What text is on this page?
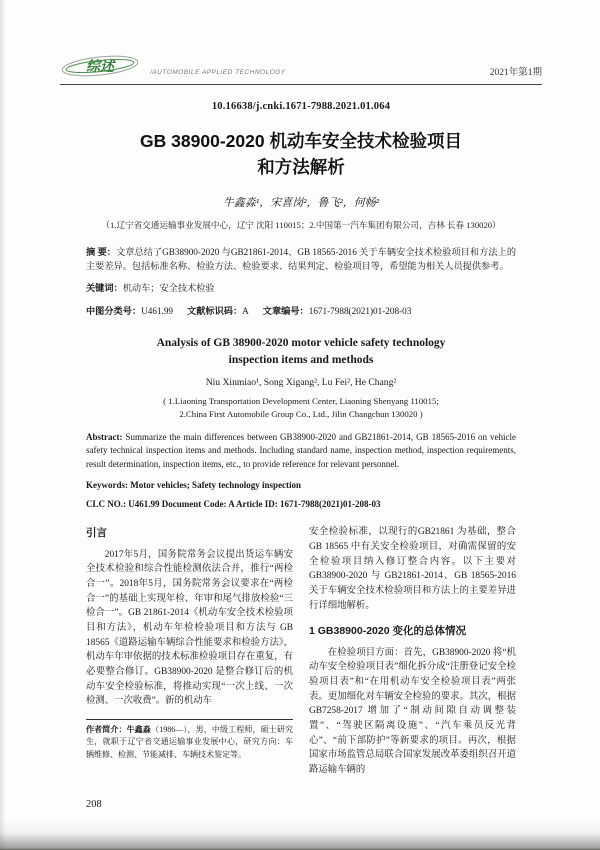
综述	/AUTOMOBILE APPLIED TECHNOLOGY	2021年第1期
10.16638/j.cnki.1671-7988.2021.01.064
GB 38900-2020 机动车安全技术检验项目
和方法解析
牛鑫淼¹，宋喜岗²，鲁飞²，何畅²
（1.辽宁省交通运输事业发展中心，辽宁 沈阳 110015；2.中国第一汽车集团有限公司，吉林 长春 130020）

摘 要：文章总结了GB38900-2020 与GB21861-2014、GB 18565-2016 关于车辆安全技术检验项目和方法上的主要差异。包括标准名称、检验方法、检验要求、结果判定、检验项目等，希望能为相关人员提供参考。

关键词：机动车；安全技术检验

中图分类号：U461.99 文献标识码：A 文章编号：1671-7988(2021)01-208-03

Analysis of GB 38900-2020 motor vehicle safety technology
inspection items and methods
Niu Xinmiao¹, Song Xigang², Lu Fei², He Chang²
( 1.Liaoning Transportation Development Center, Liaoning Shenyang 110015;
2.China First Automobile Group Co., Ltd., Jilin Changchun 130020 )

Abstract: Summarize the main differences between GB38900-2020 and GB21861-2014, GB 18565-2016 on vehicle safety technical inspection items and methods. Including standard name, inspection method, inspection requirements, result determination, inspection items, etc., to provide reference for relevant personnel.

Keywords: Motor vehicles; Safety technology inspection

CLC NO.: U461.99 Document Code: A Article ID: 1671-7988(2021)01-208-03

引言

2017年5月，国务院常务会议提出货运车辆安全技术检验和综合性能检测依法合并，推行“两检合一”。2018年5月，国务院常务会议要求在“两检合一”的基础上实现年检、年审和尾气排放检验“三检合一”。GB 21861-2014《机动车安全技术检验项目和方法》，机动车年检检验项目和方法与 GB 18565《道路运输车辆综合性能要求和检验方法》，机动车年审依据的技术标准检验项目存在重复，有必要整合修订。GB38900-2020 是整合修订后的机动车安全检验标准，将推动实现“一次上线、一次检测、一次收费”。新的机动车

作者简介：牛鑫淼（1986—），男，中级工程师，硕士研究生，就职于辽宁省交通运输事业发展中心，研究方向：车辆维修、检测、节能减排、车辆技术鉴定等。

安全检验标准，以现行的GB21861 为基础，整合 GB 18565 中有关安全检验项目，对确需保留的安全检验项目纳入修订整合内容。以下主要对 GB38900-2020 与 GB21861-2014、GB 18565-2016 关于车辆安全技术检验项目和方法上的主要差异进行详细地解析。

1 GB38900-2020 变化的总体情况

在检验项目方面：首先，GB38900-2020 将“机动车安全检验项目表”细化拆分成“注册登记安全检验项目表”和“在用机动车安全检验项目表”两张表。更加细化对车辆安全检验的要求。其次，根据 GB7258-2017 增加了“制动间隙自动调整装置”、“驾驶区隔离设施”、“汽车乘员反光背心”、“前下部防护”等新要求的项目。再次，根据国家市场监管总局联合国家发展改革委组织召开道路运输车辆的

208
